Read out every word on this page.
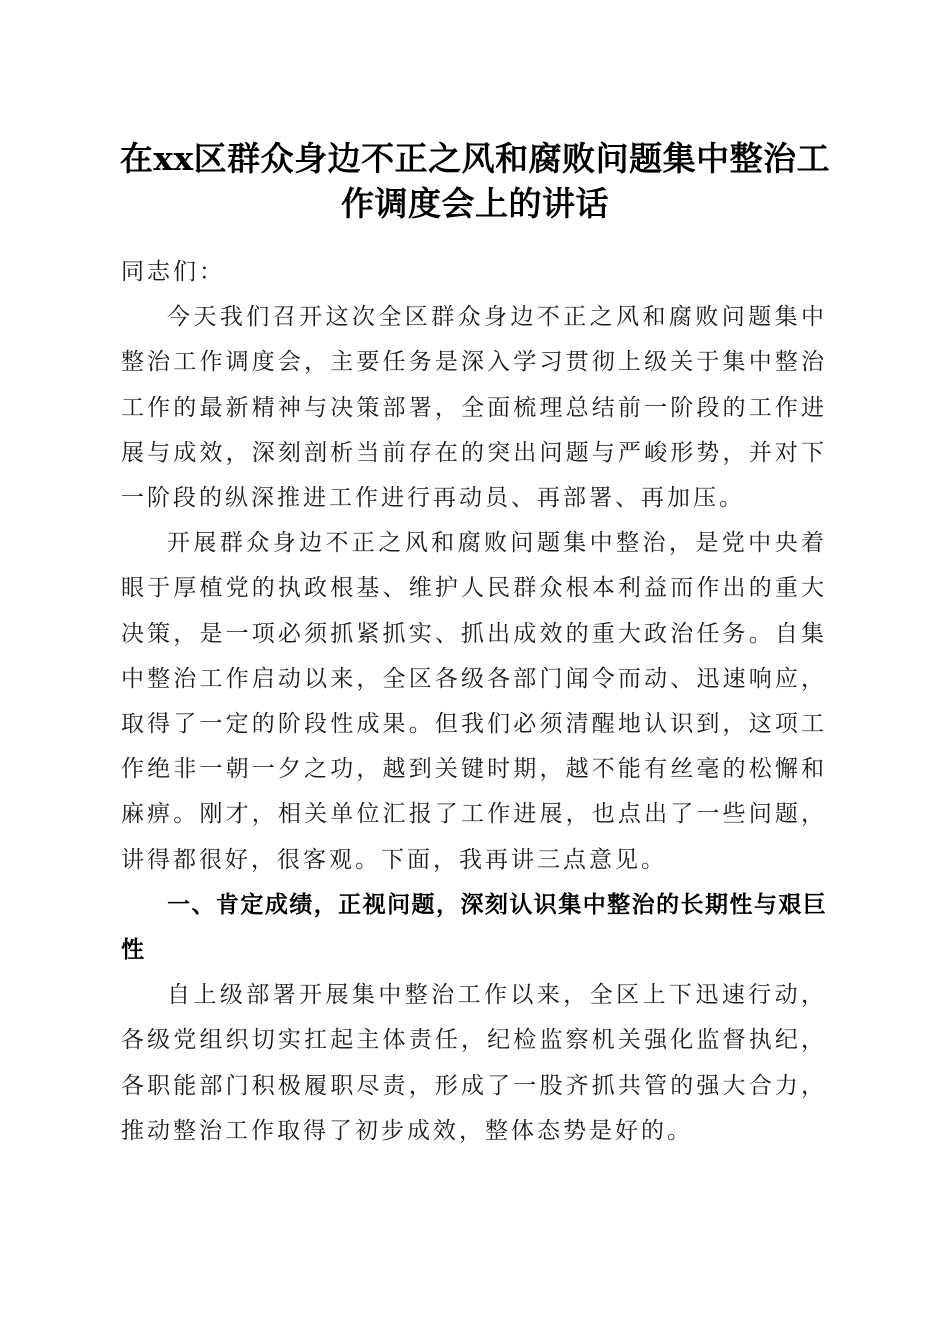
在xx区群众身边不正之风和腐败问题集中整治工作调度会上的讲话

同志们：

今天我们召开这次全区群众身边不正之风和腐败问题集中整治工作调度会，主要任务是深入学习贯彻上级关于集中整治工作的最新精神与决策部署，全面梳理总结前一阶段的工作进展与成效，深刻剖析当前存在的突出问题与严峻形势，并对下一阶段的纵深推进工作进行再动员、再部署、再加压。

开展群众身边不正之风和腐败问题集中整治，是党中央着眼于厚植党的执政根基、维护人民群众根本利益而作出的重大决策，是一项必须抓紧抓实、抓出成效的重大政治任务。自集中整治工作启动以来，全区各级各部门闻令而动、迅速响应，取得了一定的阶段性成果。但我们必须清醒地认识到，这项工作绝非一朝一夕之功，越到关键时期，越不能有丝毫的松懈和麻痹。刚才，相关单位汇报了工作进展，也点出了一些问题，讲得都很好，很客观。下面，我再讲三点意见。

一、肯定成绩，正视问题，深刻认识集中整治的长期性与艰巨性

自上级部署开展集中整治工作以来，全区上下迅速行动，各级党组织切实扛起主体责任，纪检监察机关强化监督执纪，各职能部门积极履职尽责，形成了一股齐抓共管的强大合力，推动整治工作取得了初步成效，整体态势是好的。
